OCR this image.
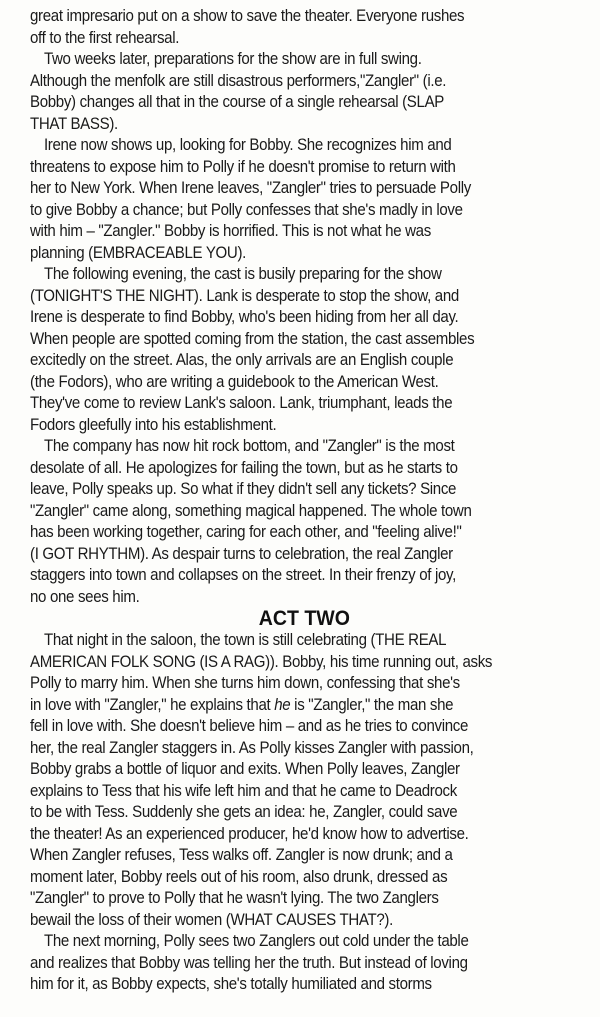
great impresario put on a show to save the theater. Everyone rushes
off to the first rehearsal.
Two weeks later, preparations for the show are in full swing.
Although the menfolk are still disastrous performers,"Zangler" (i.e.
Bobby) changes all that in the course of a single rehearsal (SLAP
THAT BASS).
Irene now shows up, looking for Bobby. She recognizes him and
threatens to expose him to Polly if he doesn't promise to return with
her to New York. When Irene leaves, "Zangler" tries to persuade Polly
to give Bobby a chance; but Polly confesses that she's madly in love
with him – "Zangler." Bobby is horrified. This is not what he was
planning (EMBRACEABLE YOU).
The following evening, the cast is busily preparing for the show
(TONIGHT'S THE NIGHT). Lank is desperate to stop the show, and
Irene is desperate to find Bobby, who's been hiding from her all day.
When people are spotted coming from the station, the cast assembles
excitedly on the street. Alas, the only arrivals are an English couple
(the Fodors), who are writing a guidebook to the American West.
They've come to review Lank's saloon. Lank, triumphant, leads the
Fodors gleefully into his establishment.
The company has now hit rock bottom, and "Zangler" is the most
desolate of all. He apologizes for failing the town, but as he starts to
leave, Polly speaks up. So what if they didn't sell any tickets? Since
"Zangler" came along, something magical happened. The whole town
has been working together, caring for each other, and "feeling alive!"
(I GOT RHYTHM). As despair turns to celebration, the real Zangler
staggers into town and collapses on the street. In their frenzy of joy,
no one sees him.
ACT TWO
That night in the saloon, the town is still celebrating (THE REAL
AMERICAN FOLK SONG (IS A RAG)). Bobby, his time running out, asks
Polly to marry him. When she turns him down, confessing that she's
in love with "Zangler," he explains that he is "Zangler," the man she
fell in love with. She doesn't believe him – and as he tries to convince
her, the real Zangler staggers in. As Polly kisses Zangler with passion,
Bobby grabs a bottle of liquor and exits. When Polly leaves, Zangler
explains to Tess that his wife left him and that he came to Deadrock
to be with Tess. Suddenly she gets an idea: he, Zangler, could save
the theater! As an experienced producer, he'd know how to advertise.
When Zangler refuses, Tess walks off. Zangler is now drunk; and a
moment later, Bobby reels out of his room, also drunk, dressed as
"Zangler" to prove to Polly that he wasn't lying. The two Zanglers
bewail the loss of their women (WHAT CAUSES THAT?).
The next morning, Polly sees two Zanglers out cold under the table
and realizes that Bobby was telling her the truth. But instead of loving
him for it, as Bobby expects, she's totally humiliated and storms
